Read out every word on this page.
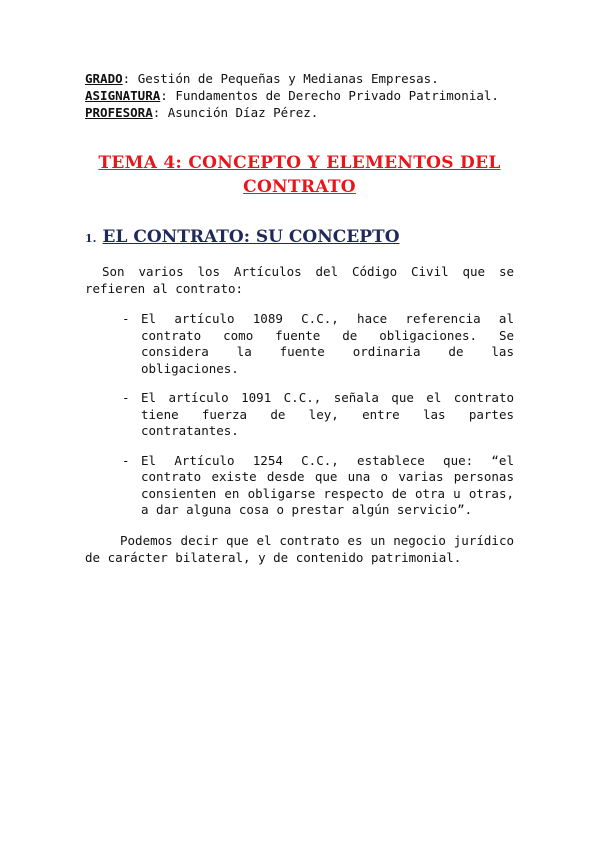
GRADO: Gestión de Pequeñas y Medianas Empresas.
ASIGNATURA: Fundamentos de Derecho Privado Patrimonial.
PROFESORA: Asunción Díaz Pérez.
TEMA 4: CONCEPTO Y ELEMENTOS DEL CONTRATO
1. EL CONTRATO: SU CONCEPTO

Son varios los Artículos del Código Civil que se refieren al contrato:

- El artículo 1089 C.C., hace referencia al contrato como fuente de obligaciones. Se considera la fuente ordinaria de las obligaciones.
- El artículo 1091 C.C., señala que el contrato tiene fuerza de ley, entre las partes contratantes.
- El Artículo 1254 C.C., establece que: “el contrato existe desde que una o varias personas consienten en obligarse respecto de otra u otras, a dar alguna cosa o prestar algún servicio”.

Podemos decir que el contrato es un negocio jurídico de carácter bilateral, y de contenido patrimonial.
